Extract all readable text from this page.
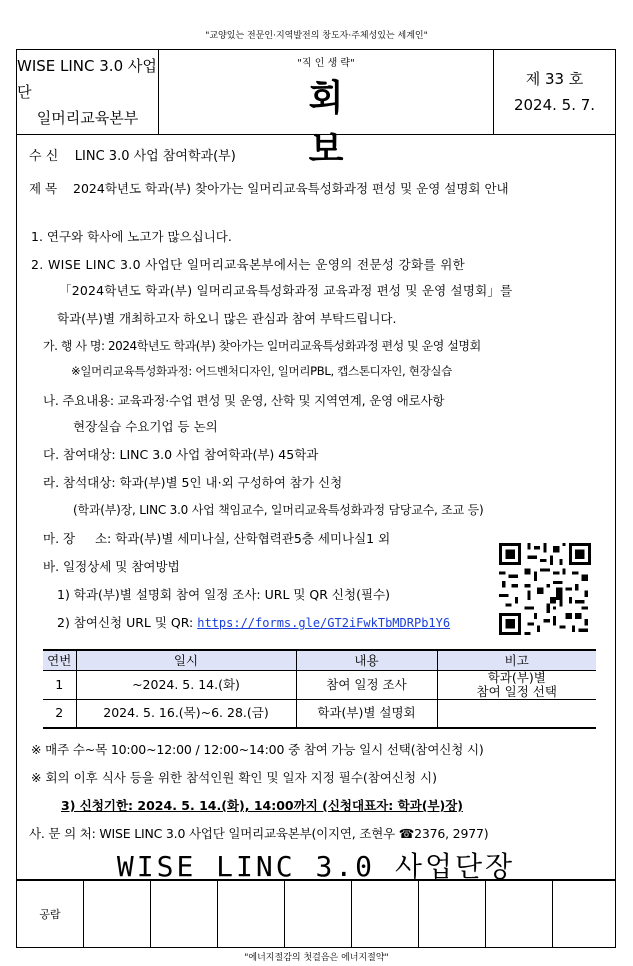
"교양있는 전문인·지역발전의 창도자·주체성있는 세계인"
WISE LINC 3.0 사업단
일머리교육본부
"직 인 생 략"
회 보
제 33 호
2024. 5. 7.
수 신 LINC 3.0 사업 참여학과(부)
제 목 2024학년도 학과(부) 찾아가는 일머리교육특성화과정 편성 및 운영 설명회 안내
1. 연구와 학사에 노고가 많으십니다.
2. WISE LINC 3.0 사업단 일머리교육본부에서는 운영의 전문성 강화를 위한
「2024학년도 학과(부) 일머리교육특성화과정 교육과정 편성 및 운영 설명회」를
학과(부)별 개최하고자 하오니 많은 관심과 참여 부탁드립니다.
가. 행 사 명: 2024학년도 학과(부) 찾아가는 일머리교육특성화과정 편성 및 운영 설명회
※일머리교육특성화과정: 어드벤처디자인, 일머리PBL, 캡스톤디자인, 현장실습
나. 주요내용: 교육과정·수업 편성 및 운영, 산학 및 지역연계, 운영 애로사항
현장실습 수요기업 등 논의
다. 참여대상: LINC 3.0 사업 참여학과(부) 45학과
라. 참석대상: 학과(부)별 5인 내·외 구성하여 참가 신청
(학과(부)장, LINC 3.0 사업 책임교수, 일머리교육특성화과정 담당교수, 조교 등)
마. 장     소: 학과(부)별 세미나실, 산학협력관5층 세미나실1 외
바. 일정상세 및 참여방법
1) 학과(부)별 설명회 참여 일정 조사: URL 및 QR 신청(필수)
2) 참여신청 URL 및 QR: https://forms.gle/GT2iFwkTbMDRPb1Y6
※ 매주 수~목 10:00~12:00 / 12:00~14:00 중 참여 가능 일시 선택(참여신청 시)
※ 회의 이후 식사 등을 위한 참석인원 확인 및 일자 지정 필수(참여신청 시)
3) 신청기한: 2024. 5. 14.(화), 14:00까지 (신청대표자: 학과(부)장)
사. 문 의 처: WISE LINC 3.0 사업단 일머리교육본부(이지연, 조현우 ☎2376, 2977)
WISE LINC 3.0 사업단장
연번	일시	내용	비고
1	~2024. 5. 14.(화)	참여 일정 조사	학과(부)별
참여 일정 선택
2	2024. 5. 16.(목)~6. 28.(금)	학과(부)별 설명회	
공람
"에너지절감의 첫걸음은 에너지절약"
